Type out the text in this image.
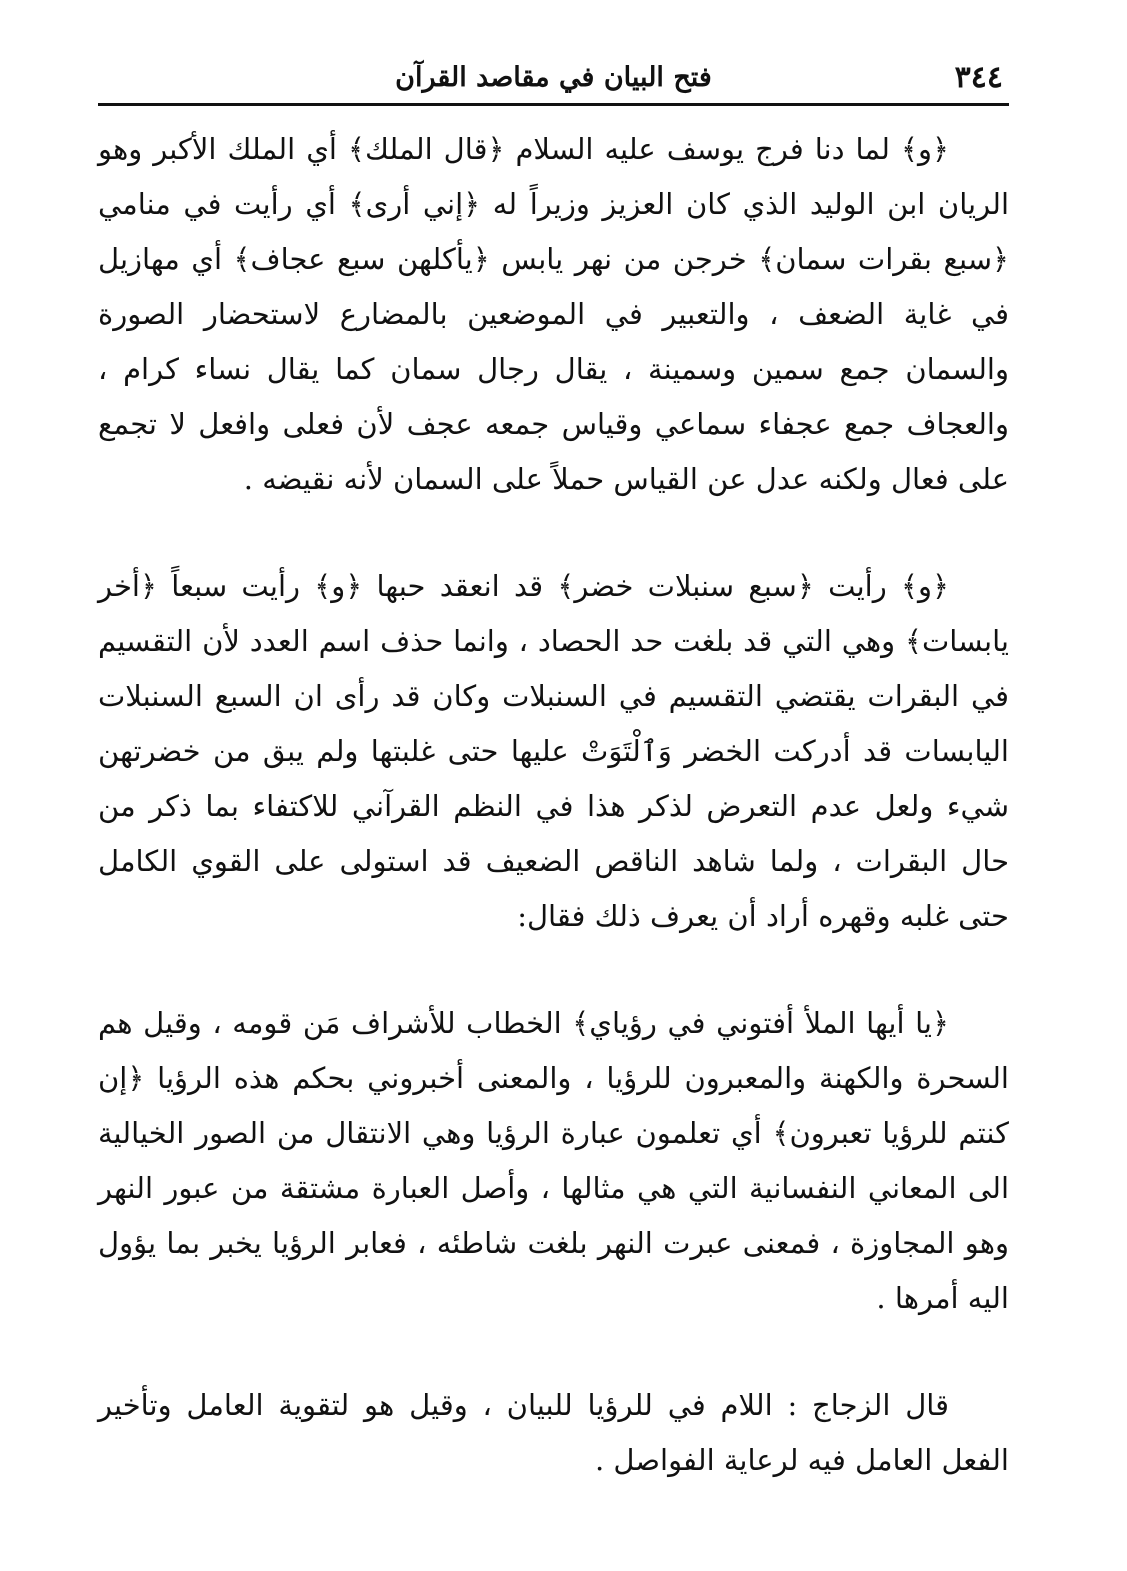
٣٤٤
فتح البيان في مقاصد القرآن

﴿و﴾ لما دنا فرج يوسف عليه السلام ﴿قال الملك﴾ أي الملك الأكبر وهو الريان ابن الوليد الذي كان العزيز وزيراً له ﴿إني أرى﴾ أي رأيت في منامي ﴿سبع بقرات سمان﴾ خرجن من نهر يابس ﴿يأكلهن سبع عجاف﴾ أي مهازيل في غاية الضعف ، والتعبير في الموضعين بالمضارع لاستحضار الصورة والسمان جمع سمين وسمينة ، يقال رجال سمان كما يقال نساء كرام ، والعجاف جمع عجفاء سماعي وقياس جمعه عجف لأن فعلى وافعل لا تجمع على فعال ولكنه عدل عن القياس حملاً على السمان لأنه نقيضه .

﴿و﴾ رأيت ﴿سبع سنبلات خضر﴾ قد انعقد حبها ﴿و﴾ رأيت سبعاً ﴿أخر يابسات﴾ وهي التي قد بلغت حد الحصاد ، وانما حذف اسم العدد لأن التقسيم في البقرات يقتضي التقسيم في السنبلات وكان قد رأى ان السبع السنبلات اليابسات قد أدركت الخضر وَٱلْتَوَتْ عليها حتى غلبتها ولم يبق من خضرتهن شيء ولعل عدم التعرض لذكر هذا في النظم القرآني للاكتفاء بما ذكر من حال البقرات ، ولما شاهد الناقص الضعيف قد استولى على القوي الكامل حتى غلبه وقهره أراد أن يعرف ذلك فقال:

﴿يا أيها الملأ أفتوني في رؤياي﴾ الخطاب للأشراف مَن قومه ، وقيل هم السحرة والكهنة والمعبرون للرؤيا ، والمعنى أخبروني بحكم هذه الرؤيا ﴿إن كنتم للرؤيا تعبرون﴾ أي تعلمون عبارة الرؤيا وهي الانتقال من الصور الخيالية الى المعاني النفسانية التي هي مثالها ، وأصل العبارة مشتقة من عبور النهر وهو المجاوزة ، فمعنى عبرت النهر بلغت شاطئه ، فعابر الرؤيا يخبر بما يؤول اليه أمرها .

قال الزجاج : اللام في للرؤيا للبيان ، وقيل هو لتقوية العامل وتأخير الفعل العامل فيه لرعاية الفواصل .
